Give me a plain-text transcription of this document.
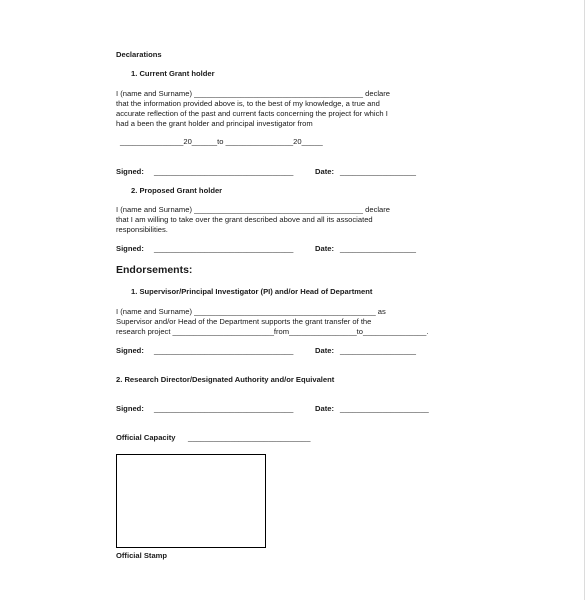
Declarations
1. Current Grant holder
I (name and Surname) ________________________________________ declare
that the information provided above is, to the best of my knowledge, a true and
accurate reflection of the past and current facts concerning the project for which I
had a been the grant holder and principal investigator from
_______________20______to ________________20_____
Signed: _________________________________	Date: __________________
2. Proposed Grant holder
I (name and Surname) ________________________________________ declare
that I am willing to take over the grant described above and all its associated
responsibilities.
Signed: _________________________________	Date: __________________
Endorsements:
1. Supervisor/Principal Investigator (PI) and/or Head of Department
I (name and Surname) ___________________________________________ as
Supervisor and/or Head of the Department supports the grant transfer of the
research project ________________________from________________to_______________.
Signed: _________________________________	Date: __________________
2. Research Director/Designated Authority and/or Equivalent
Signed: _________________________________	Date: _____________________
Official Capacity _____________________________
Official Stamp
